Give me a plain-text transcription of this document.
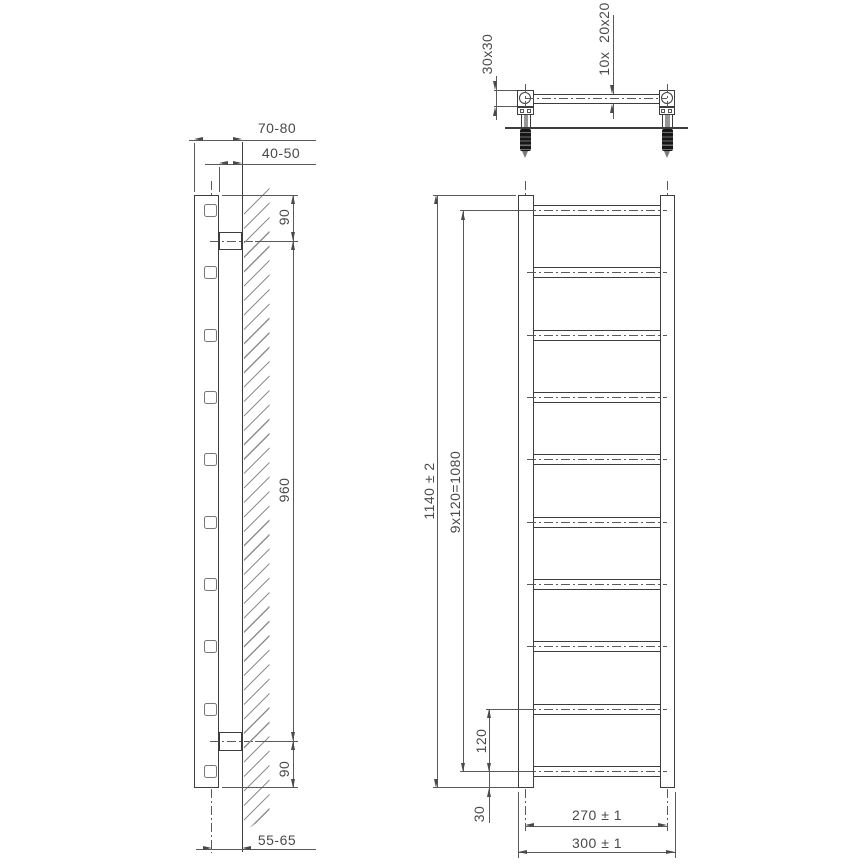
70-80
40-50
90
960
90
55-65
1140 ± 2 9x120=1080
120
30	270 ± 1
300 ± 1
30x30	10x  20x20
